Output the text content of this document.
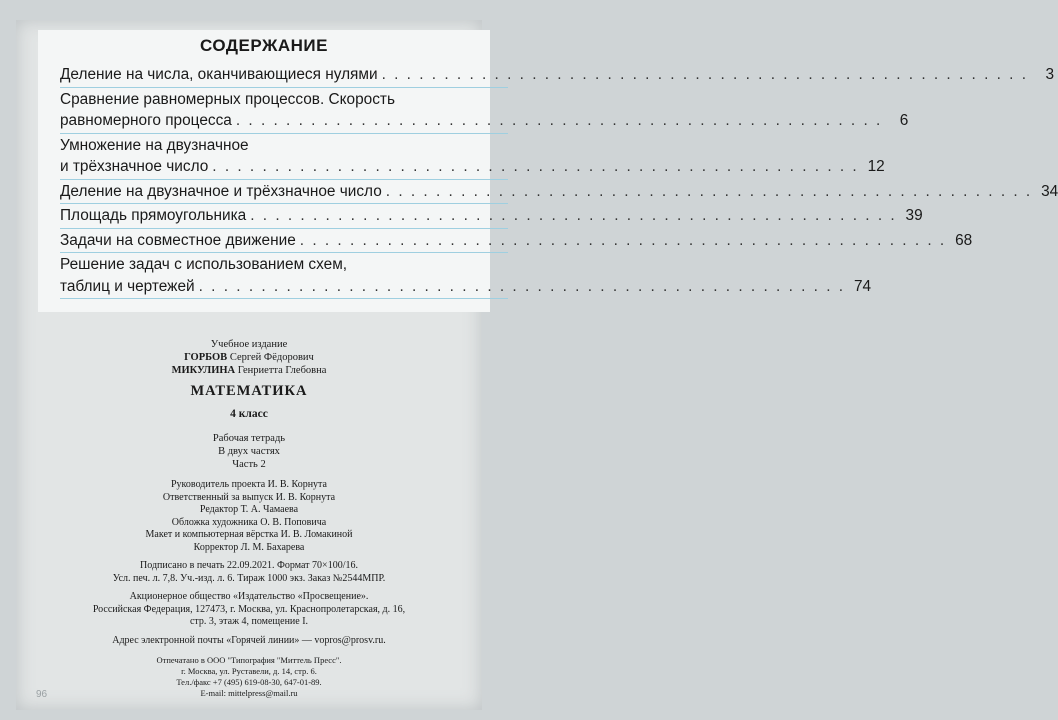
СОДЕРЖАНИЕ
Деление на числа, оканчивающиеся нулями . . .	3
Сравнение равномерных процессов. Скорость
равномерного процесса . . .	6
Умножение на двузначное
и трёхзначное число . . .	12
Деление на двузначное и трёхзначное число . . .	34
Площадь прямоугольника . . .	39
Задачи на совместное движение . . .	68
Решение задач с использованием схем,
таблиц и чертежей . . .	74
Учебное издание
ГОРБОВ Сергей Фёдорович
МИКУЛИНА Генриетта Глебовна
МАТЕМАТИКА
4 класс
Рабочая тетрадь
В двух частях
Часть 2
Руководитель проекта И. В. Корнута
Ответственный за выпуск И. В. Корнута
Редактор Т. А. Чамаева
Обложка художника О. В. Поповича
Макет и компьютерная вёрстка И. В. Ломакиной
Корректор Л. М. Бахарева
Подписано в печать 22.09.2021. Формат 70×100/16.
Усл. печ. л. 7,8. Уч.-изд. л. 6. Тираж 1000 экз. Заказ №2544МПР.
Акционерное общество «Издательство «Просвещение».
Российская Федерация, 127473, г. Москва, ул. Краснопролетарская, д. 16,
стр. 3, этаж 4, помещение I.
Адрес электронной почты «Горячей линии» — vopros@prosv.ru.
Отпечатано в ООО "Типография "Миттель Пресс".
г. Москва, ул. Руставели, д. 14, стр. 6.
Тел./факс +7 (495) 619-08-30, 647-01-89.
E-mail: mittelpress@mail.ru
96
